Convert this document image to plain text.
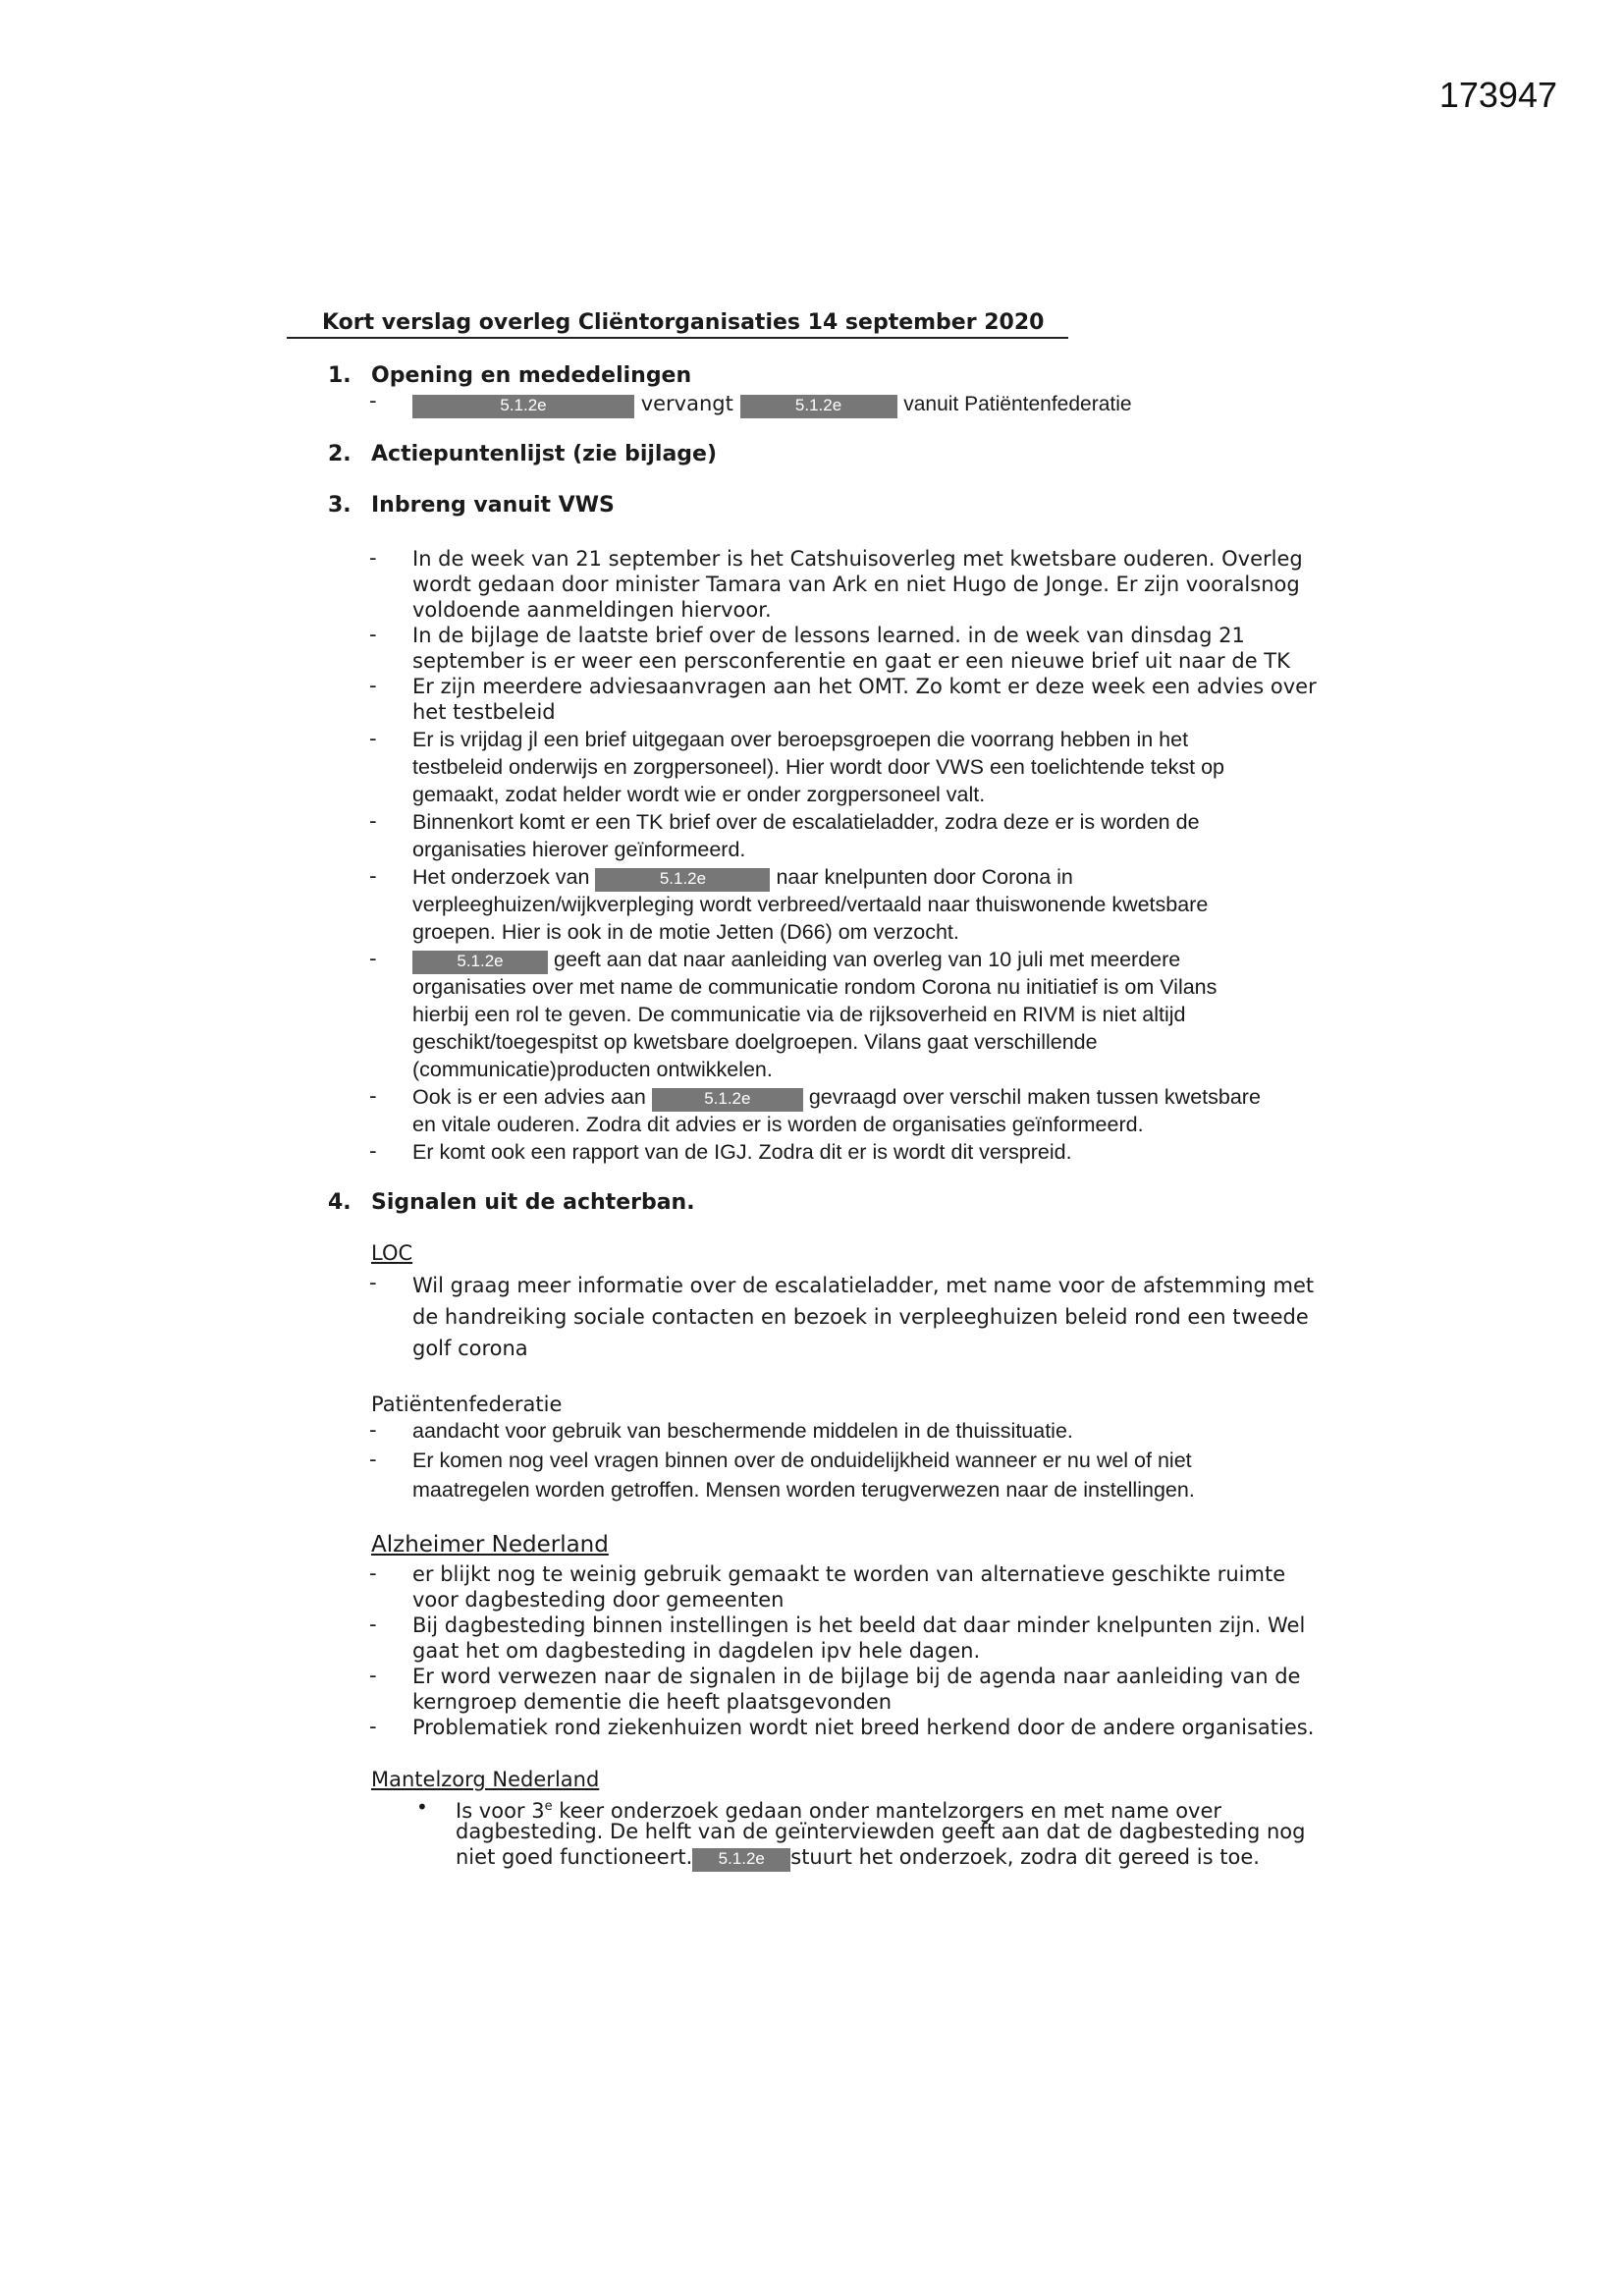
173947
Kort verslag overleg Cliëntorganisaties 14 september 2020
1. Opening en mededelingen
-	5.1.2e	vervangt	5.1.2e	vanuit Patiëntenfederatie
2. Actiepuntenlijst (zie bijlage)
3. Inbreng vanuit VWS
- In de week van 21 september is het Catshuisoverleg met kwetsbare ouderen. Overleg
wordt gedaan door minister Tamara van Ark en niet Hugo de Jonge. Er zijn vooralsnog
voldoende aanmeldingen hiervoor.
- In de bijlage de laatste brief over de lessons learned. in de week van dinsdag 21
september is er weer een persconferentie en gaat er een nieuwe brief uit naar de TK
- Er zijn meerdere adviesaanvragen aan het OMT. Zo komt er deze week een advies over
het testbeleid
- Er is vrijdag jl een brief uitgegaan over beroepsgroepen die voorrang hebben in het
testbeleid onderwijs en zorgpersoneel). Hier wordt door VWS een toelichtende tekst op
gemaakt, zodat helder wordt wie er onder zorgpersoneel valt.
- Binnenkort komt er een TK brief over de escalatieladder, zodra deze er is worden de
organisaties hierover geïnformeerd.
- Het onderzoek van	5.1.2e	naar knelpunten door Corona in
verpleeghuizen/wijkverpleging wordt verbreed/vertaald naar thuiswonende kwetsbare
groepen. Hier is ook in de motie Jetten (D66) om verzocht.
-	5.1.2e geeft aan dat naar aanleiding van overleg van 10 juli met meerdere
organisaties over met name de communicatie rondom Corona nu initiatief is om Vilans
hierbij een rol te geven. De communicatie via de rijksoverheid en RIVM is niet altijd
geschikt/toegespitst op kwetsbare doelgroepen. Vilans gaat verschillende
(communicatie)producten ontwikkelen.
- Ook is er een advies aan	5.1.2e	gevraagd over verschil maken tussen kwetsbare
en vitale ouderen. Zodra dit advies er is worden de organisaties geïnformeerd.
- Er komt ook een rapport van de IGJ. Zodra dit er is wordt dit verspreid.
4. Signalen uit de achterban.
LOC
- Wil graag meer informatie over de escalatieladder, met name voor de afstemming met
de handreiking sociale contacten en bezoek in verpleeghuizen beleid rond een tweede
golf corona
Patiëntenfederatie
- aandacht voor gebruik van beschermende middelen in de thuissituatie.
- Er komen nog veel vragen binnen over de onduidelijkheid wanneer er nu wel of niet
maatregelen worden getroffen. Mensen worden terugverwezen naar de instellingen.
Alzheimer Nederland
- er blijkt nog te weinig gebruik gemaakt te worden van alternatieve geschikte ruimte
voor dagbesteding door gemeenten
- Bij dagbesteding binnen instellingen is het beeld dat daar minder knelpunten zijn. Wel
gaat het om dagbesteding in dagdelen ipv hele dagen.
- Er word verwezen naar de signalen in de bijlage bij de agenda naar aanleiding van de
kerngroep dementie die heeft plaatsgevonden
- Problematiek rond ziekenhuizen wordt niet breed herkend door de andere organisaties.
Mantelzorg Nederland
• Is voor 3e keer onderzoek gedaan onder mantelzorgers en met name over
dagbesteding. De helft van de geïnterviewden geeft aan dat de dagbesteding nog
niet goed functioneert. 5.1.2e stuurt het onderzoek, zodra dit gereed is toe.
